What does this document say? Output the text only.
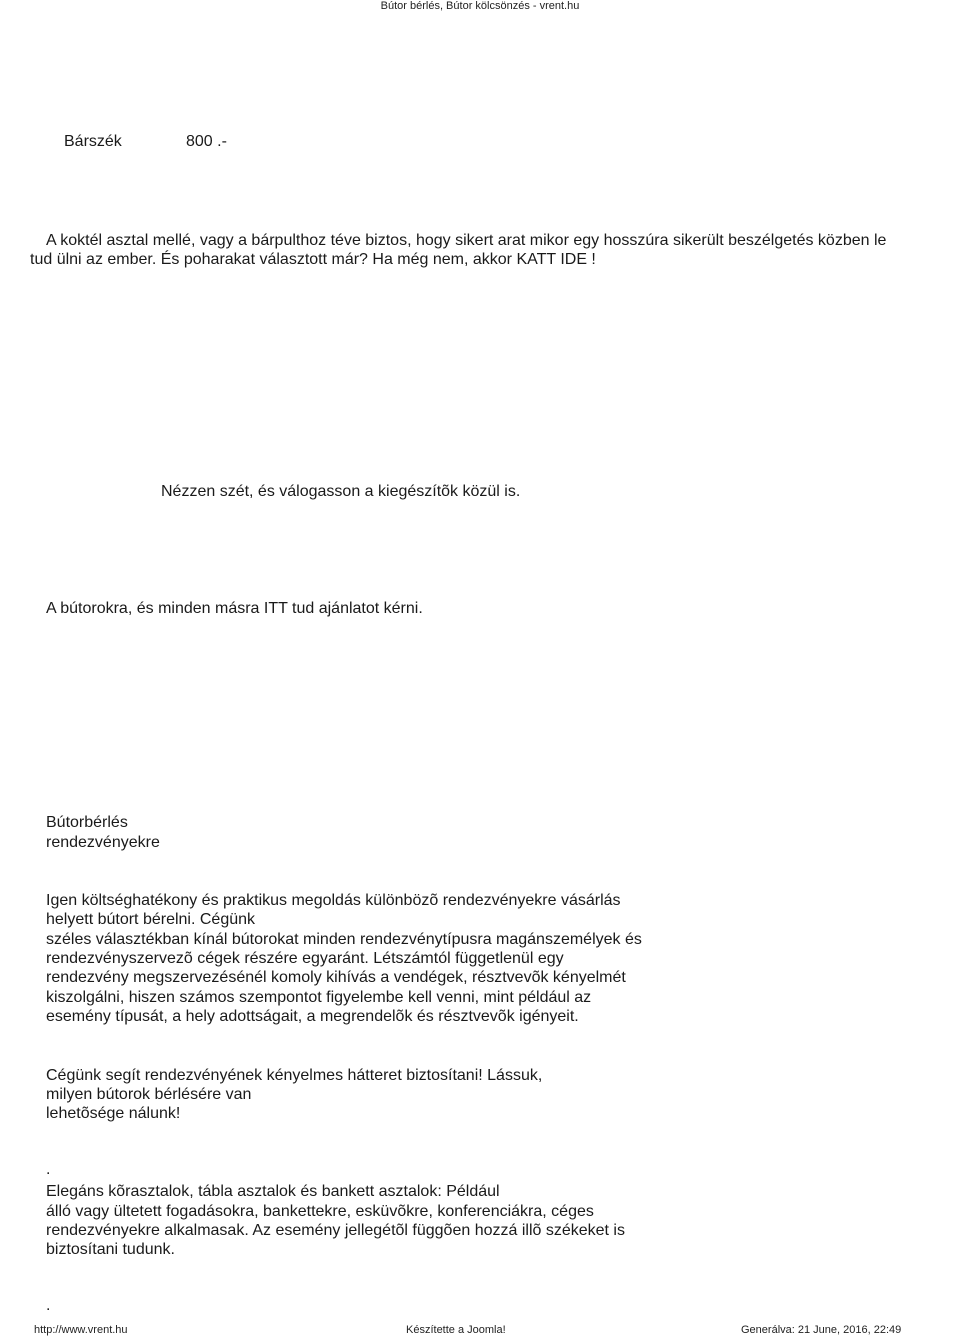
Bútor bérlés, Bútor kölcsönzés - vrent.hu
Bárszék	800 .-
A koktél asztal mellé, vagy a bárpulthoz téve biztos, hogy sikert arat mikor egy hosszúra sikerült beszélgetés közben le
tud ülni az ember. És poharakat választott már? Ha még nem, akkor KATT IDE !
Nézzen szét, és válogasson a kiegészítõk közül is.
A bútorokra, és minden másra ITT tud ajánlatot kérni.
Bútorbérlés
rendezvényekre
Igen költséghatékony és praktikus megoldás különbözõ rendezvényekre vásárlás
helyett bútort bérelni. Cégünk
széles választékban kínál bútorokat minden rendezvénytípusra magánszemélyek és
rendezvényszervezõ cégek részére egyaránt. Létszámtól függetlenül egy
rendezvény megszervezésénél komoly kihívás a vendégek, résztvevõk kényelmét
kiszolgálni, hiszen számos szempontot figyelembe kell venni, mint például az
esemény típusát, a hely adottságait, a megrendelõk és résztvevõk igényeit.
Cégünk segít rendezvényének kényelmes hátteret biztosítani! Lássuk,
milyen bútorok bérlésére van
lehetõsége nálunk!
.
Elegáns kõrasztalok, tábla asztalok és bankett asztalok: Például
álló vagy ültetett fogadásokra, bankettekre, esküvõkre, konferenciákra, céges
rendezvényekre alkalmasak. Az esemény jellegétõl függõen hozzá illõ székeket is
biztosítani tudunk.
.
http://www.vrent.hu	Készítette a Joomla!	Generálva: 21 June, 2016, 22:49
